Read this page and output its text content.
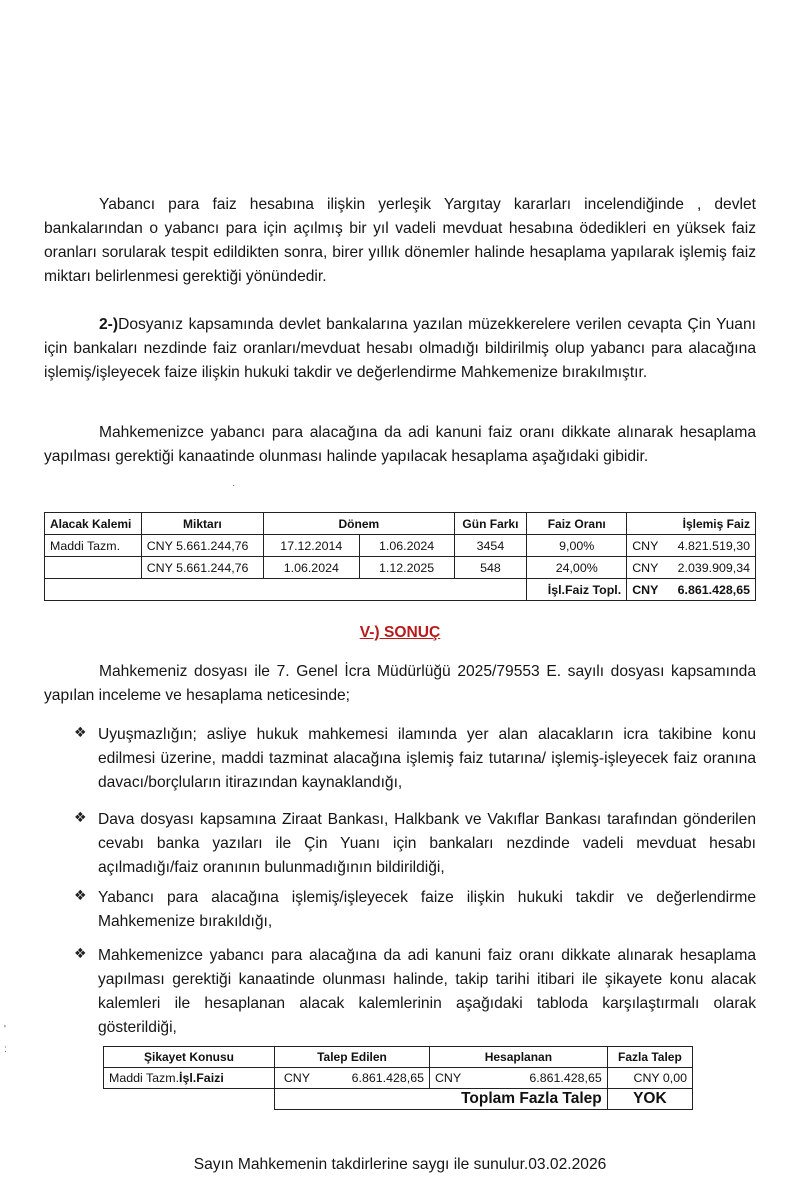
Yabancı para faiz hesabına ilişkin yerleşik Yargıtay kararları incelendiğinde , devlet bankalarından o yabancı para için açılmış bir yıl vadeli mevduat hesabına ödedikleri en yüksek faiz oranları sorularak tespit edildikten sonra, birer yıllık dönemler halinde hesaplama yapılarak işlemiş faiz miktarı belirlenmesi gerektiği yönündedir.

2-)Dosyanız kapsamında devlet bankalarına yazılan müzekkerelere verilen cevapta Çin Yuanı için bankaları nezdinde faiz oranları/mevduat hesabı olmadığı bildirilmiş olup yabancı para alacağına işlemiş/işleyecek faize ilişkin hukuki takdir ve değerlendirme Mahkemenize bırakılmıştır.

Mahkemenizce yabancı para alacağına da adi kanuni faiz oranı dikkate alınarak hesaplama yapılması gerektiği kanaatinde olunması halinde yapılacak hesaplama aşağıdaki gibidir.

·
Alacak Kalemi	Miktarı	Dönem		Gün Farkı	Faiz Oranı	İşlemiş Faiz	
Maddi Tazm.	CNY 5.661.244,76	17.12.2014	1.06.2024	3454	9,00%	CNY	4.821.519,30
	CNY 5.661.244,76	1.06.2024	1.12.2025	548	24,00%	CNY	2.039.909,34
					İşl.Faiz Topl.	CNY	6.861.428,65
V-) SONUÇ

Mahkemeniz dosyası ile 7. Genel İcra Müdürlüğü 2025/79553 E. sayılı dosyası kapsamında yapılan inceleme ve hesaplama neticesinde;

❖ Uyuşmazlığın; asliye hukuk mahkemesi ilamında yer alan alacakların icra takibine konu edilmesi üzerine, maddi tazminat alacağına işlemiş faiz tutarına/ işlemiş-işleyecek faiz oranına davacı/borçluların itirazından kaynaklandığı,
❖ Dava dosyası kapsamına Ziraat Bankası, Halkbank ve Vakıflar Bankası tarafından gönderilen cevabı banka yazıları ile Çin Yuanı için bankaları nezdinde vadeli mevduat hesabı açılmadığı/faiz oranının bulunmadığının bildirildiği,
❖ Yabancı para alacağına işlemiş/işleyecek faize ilişkin hukuki takdir ve değerlendirme Mahkemenize bırakıldığı,
❖ Mahkemenizce yabancı para alacağına da adi kanuni faiz oranı dikkate alınarak hesaplama yapılması gerektiği kanaatinde olunması halinde, takip tarihi itibari ile şikayete konu alacak kalemleri ile hesaplanan alacak kalemlerinin aşağıdaki tabloda karşılaştırmalı olarak gösterildiği,
'
:
Şikayet Konusu	Talep Edilen		Hesaplanan		Fazla Talep
Maddi Tazm.İşl.Faizi	CNY	6.861.428,65	CNY	6.861.428,65	CNY 0,00
	Toplam Fazla Talep				YOK
Sayın Mahkemenin takdirlerine saygı ile sunulur.03.02.2026
